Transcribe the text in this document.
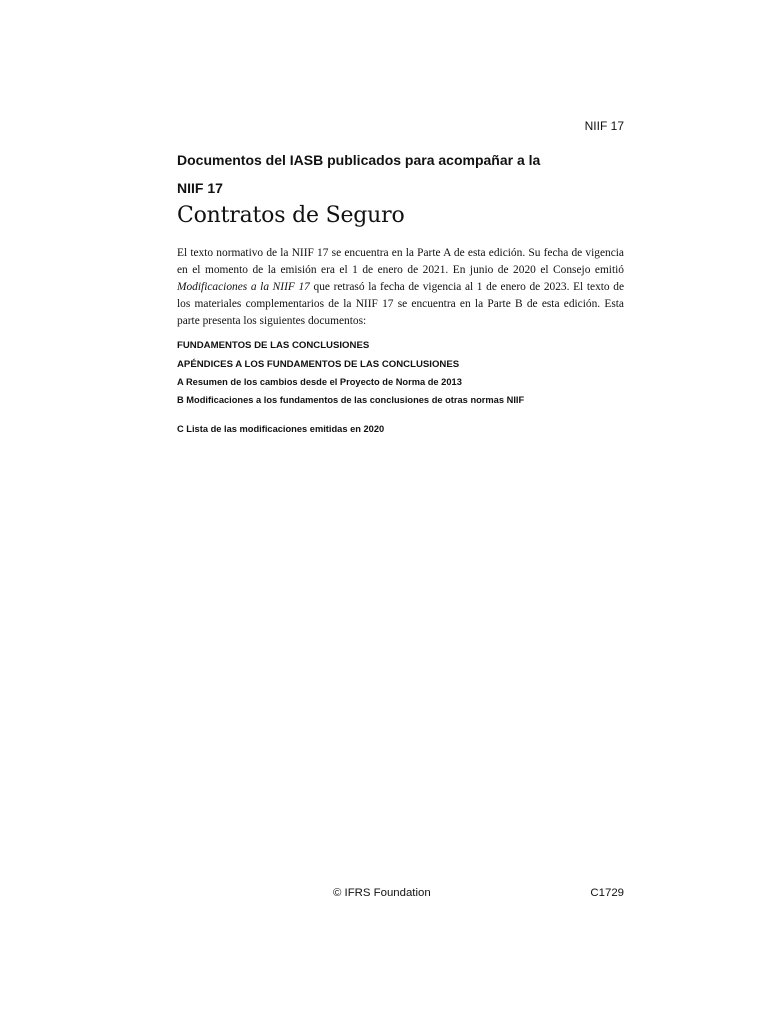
NIIF 17
Documentos del IASB publicados para acompañar a la
NIIF 17
Contratos de Seguro

El texto normativo de la NIIF 17 se encuentra en la Parte A de esta edición. Su fecha de vigencia en el momento de la emisión era el 1 de enero de 2021. En junio de 2020 el Consejo emitió Modificaciones a la NIIF 17 que retrasó la fecha de vigencia al 1 de enero de 2023. El texto de los materiales complementarios de la NIIF 17 se encuentra en la Parte B de esta edición. Esta parte presenta los siguientes documentos:

FUNDAMENTOS DE LAS CONCLUSIONES

APÉNDICES A LOS FUNDAMENTOS DE LAS CONCLUSIONES

A Resumen de los cambios desde el Proyecto de Norma de 2013

B Modificaciones a los fundamentos de las conclusiones de otras normas NIIF

C Lista de las modificaciones emitidas en 2020

© IFRS Foundation	C1729
